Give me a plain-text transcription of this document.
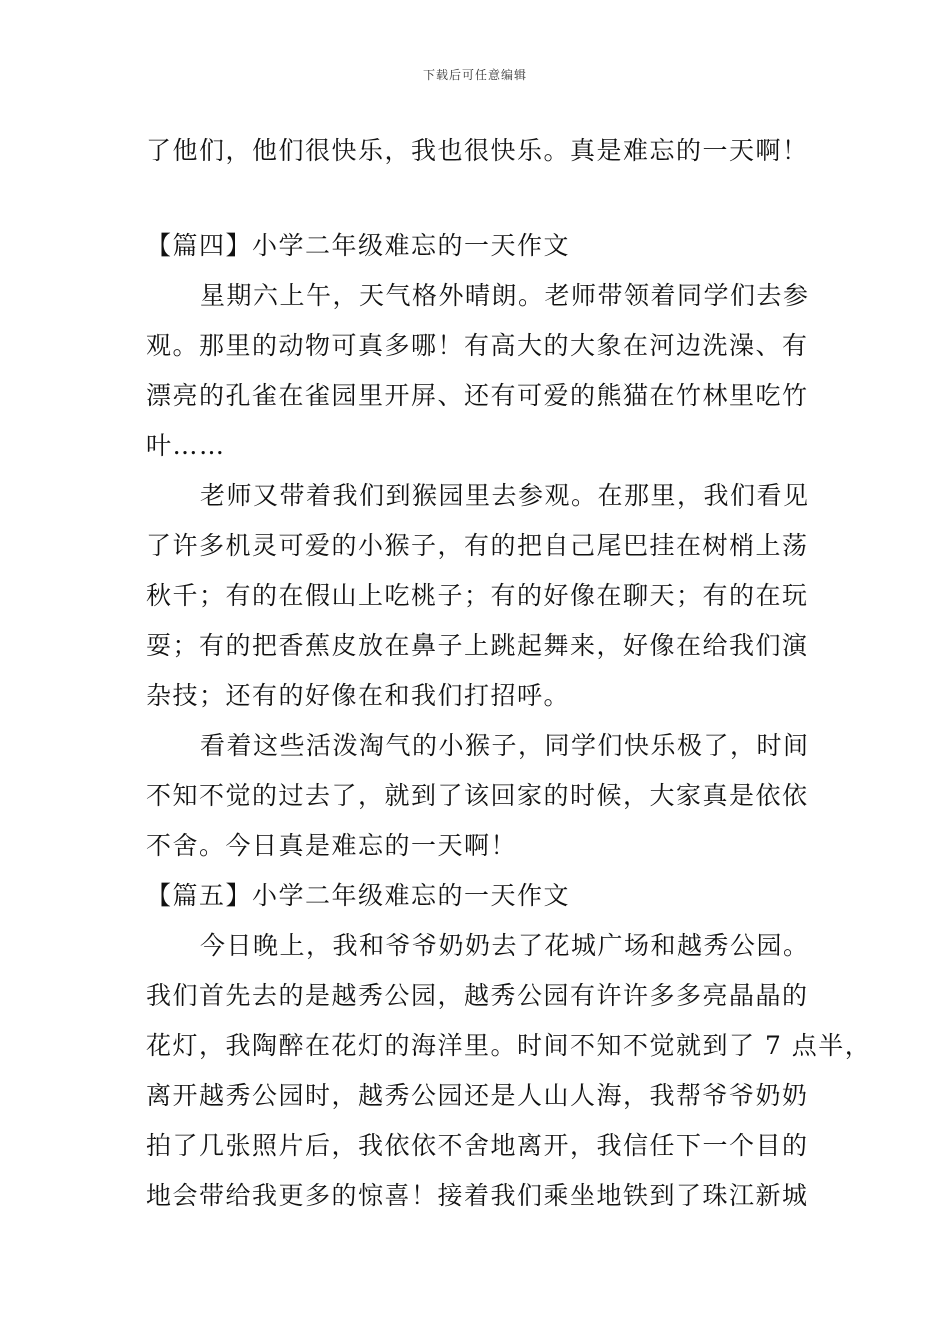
下载后可任意编辑
了他们，他们很快乐，我也很快乐。真是难忘的一天啊！
【篇四】小学二年级难忘的一天作文
星期六上午，天气格外晴朗。老师带领着同学们去参
观。那里的动物可真多哪！有高大的大象在河边洗澡、有
漂亮的孔雀在雀园里开屏、还有可爱的熊猫在竹林里吃竹
叶……
老师又带着我们到猴园里去参观。在那里，我们看见
了许多机灵可爱的小猴子，有的把自己尾巴挂在树梢上荡
秋千；有的在假山上吃桃子；有的好像在聊天；有的在玩
耍；有的把香蕉皮放在鼻子上跳起舞来，好像在给我们演
杂技；还有的好像在和我们打招呼。
看着这些活泼淘气的小猴子，同学们快乐极了，时间
不知不觉的过去了，就到了该回家的时候，大家真是依依
不舍。今日真是难忘的一天啊！
【篇五】小学二年级难忘的一天作文
今日晚上，我和爷爷奶奶去了花城广场和越秀公园。
我们首先去的是越秀公园，越秀公园有许许多多亮晶晶的
花灯，我陶醉在花灯的海洋里。时间不知不觉就到了 7 点半，
离开越秀公园时，越秀公园还是人山人海，我帮爷爷奶奶
拍了几张照片后，我依依不舍地离开，我信任下一个目的
地会带给我更多的惊喜！接着我们乘坐地铁到了珠江新城
